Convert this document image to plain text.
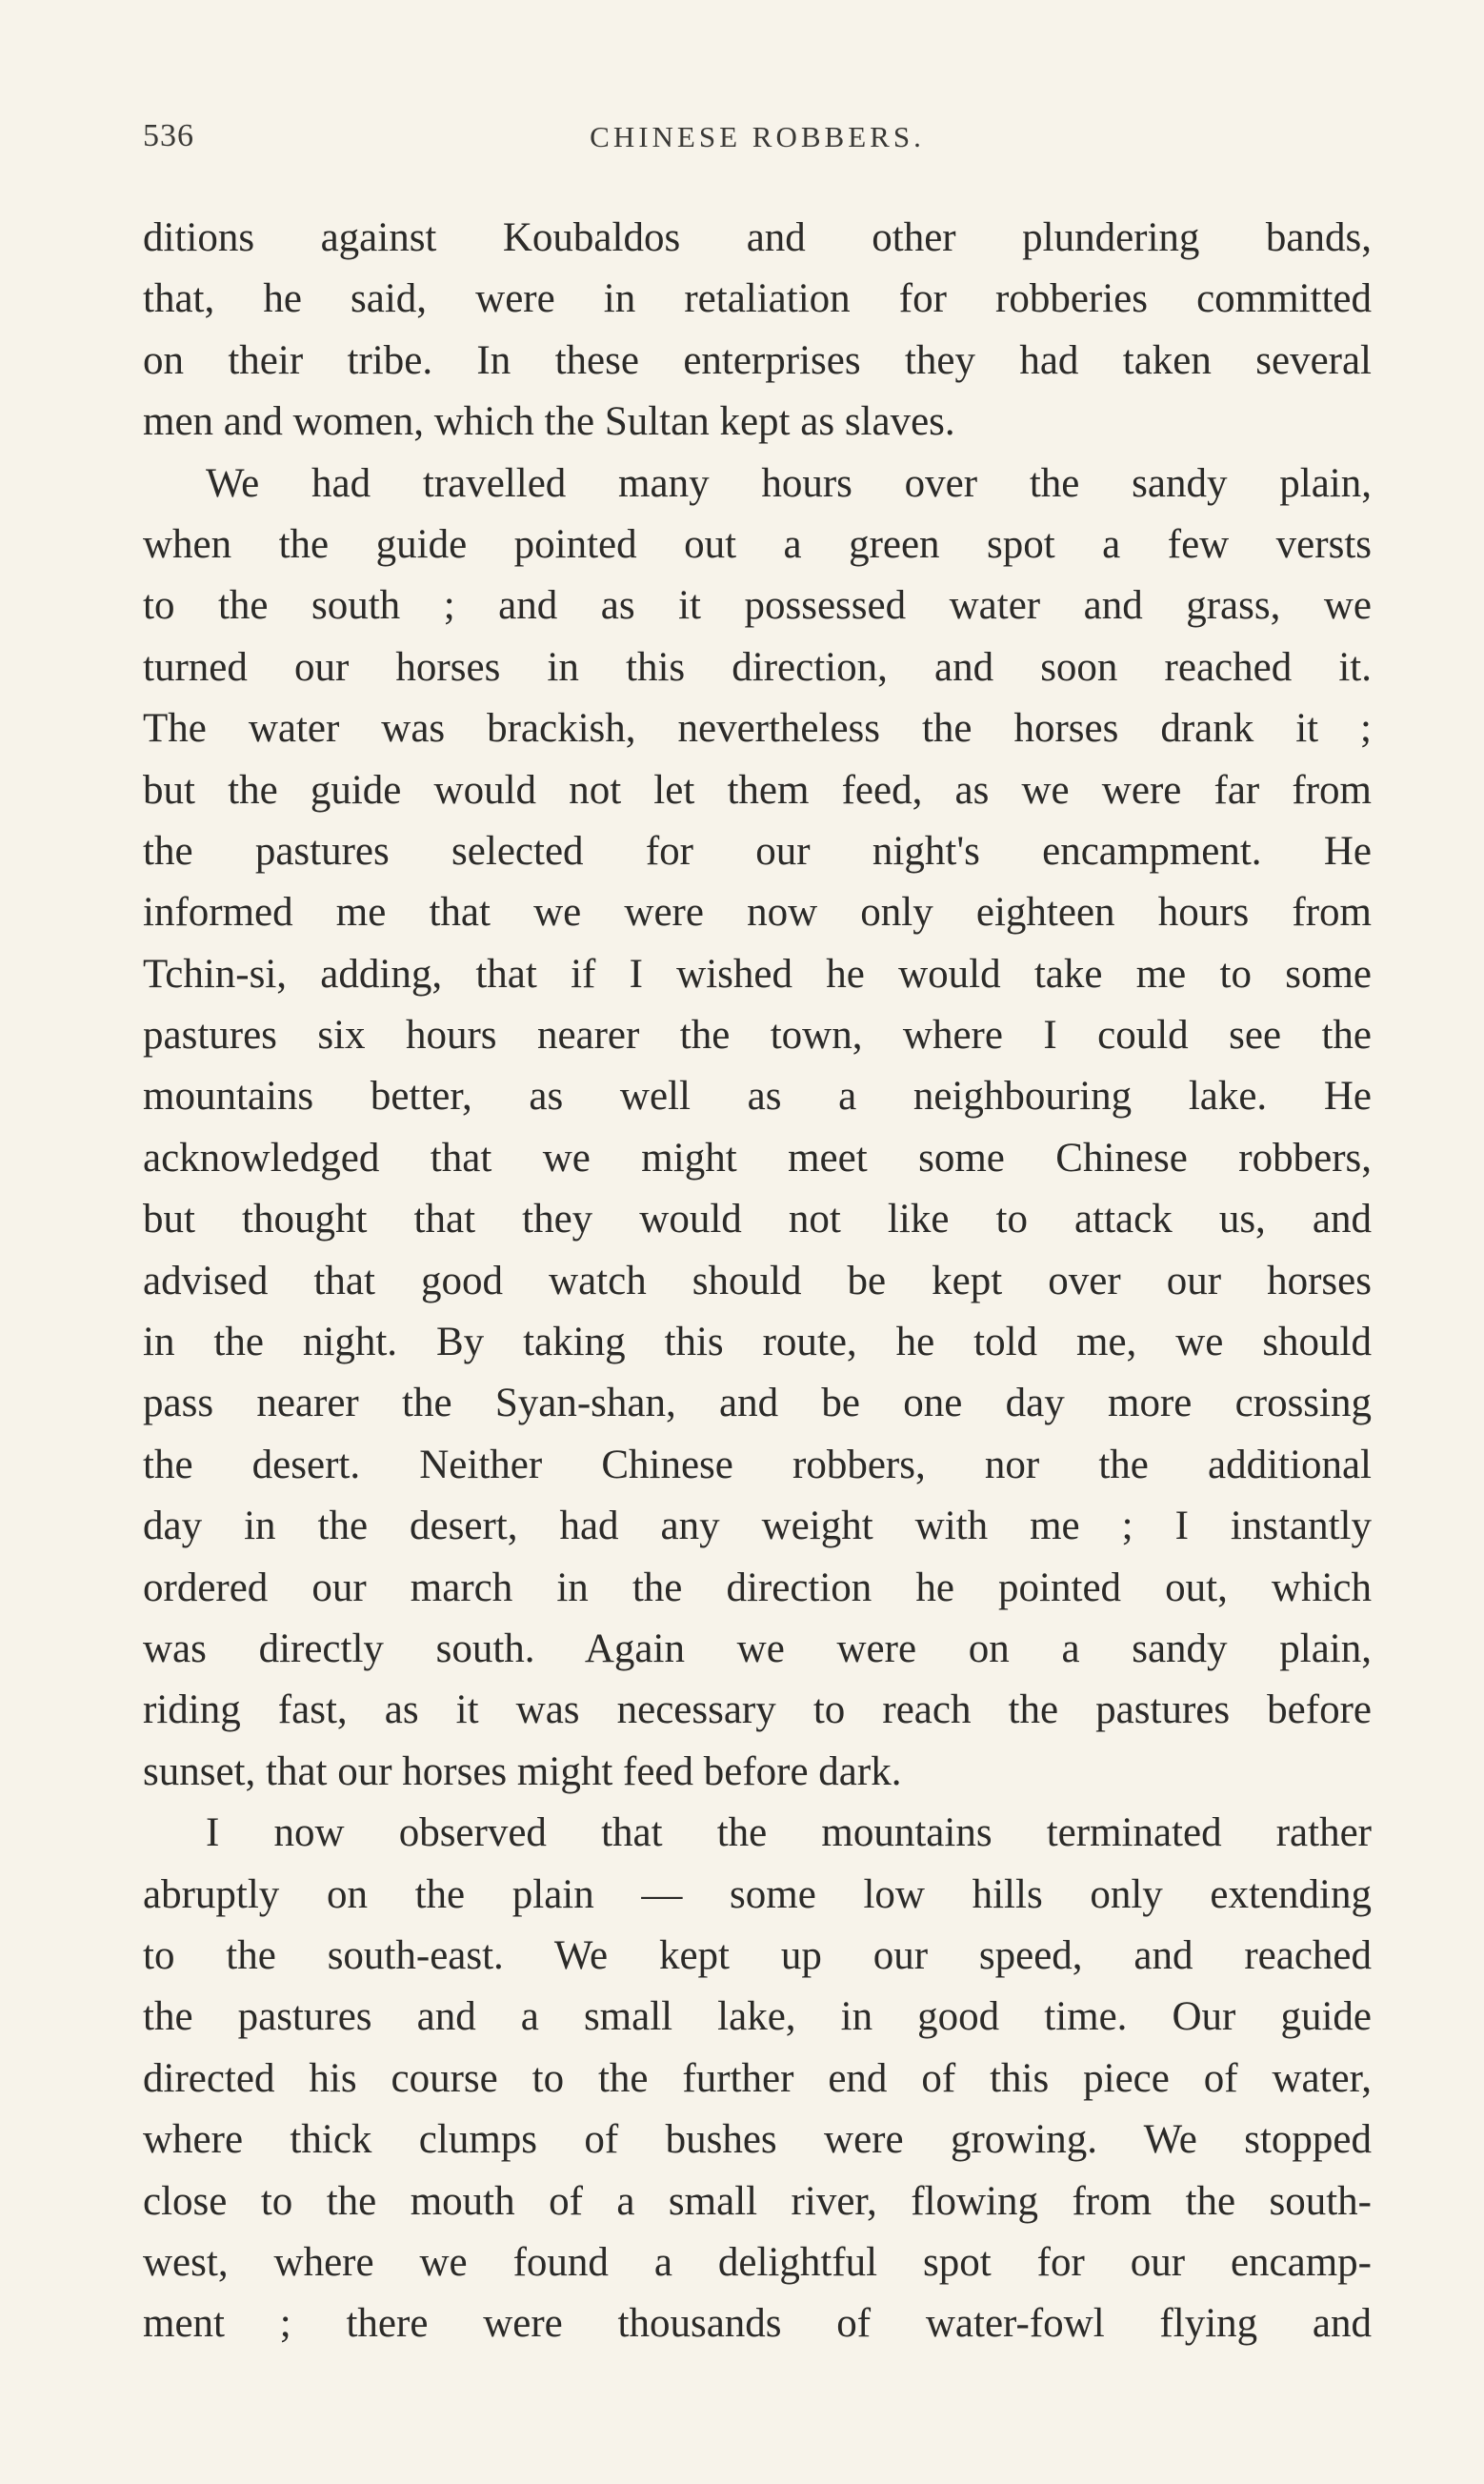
536	CHINESE ROBBERS.
ditions against Koubaldos and other plundering bands,
that, he said, were in retaliation for robberies committed
on their tribe. In these enterprises they had taken several
men and women, which the Sultan kept as slaves.
We had travelled many hours over the sandy plain,
when the guide pointed out a green spot a few versts
to the south ; and as it possessed water and grass, we
turned our horses in this direction, and soon reached it.
The water was brackish, nevertheless the horses drank it ;
but the guide would not let them feed, as we were far from
the pastures selected for our night's encampment. He
informed me that we were now only eighteen hours from
Tchin-si, adding, that if I wished he would take me to some
pastures six hours nearer the town, where I could see the
mountains better, as well as a neighbouring lake. He
acknowledged that we might meet some Chinese robbers,
but thought that they would not like to attack us, and
advised that good watch should be kept over our horses
in the night. By taking this route, he told me, we should
pass nearer the Syan-shan, and be one day more crossing
the desert. Neither Chinese robbers, nor the additional
day in the desert, had any weight with me ; I instantly
ordered our march in the direction he pointed out, which
was directly south. Again we were on a sandy plain,
riding fast, as it was necessary to reach the pastures before
sunset, that our horses might feed before dark.
I now observed that the mountains terminated rather
abruptly on the plain — some low hills only extending
to the south-east. We kept up our speed, and reached
the pastures and a small lake, in good time. Our guide
directed his course to the further end of this piece of water,
where thick clumps of bushes were growing. We stopped
close to the mouth of a small river, flowing from the south-
west, where we found a delightful spot for our encamp-
ment ; there were thousands of water-fowl flying and
